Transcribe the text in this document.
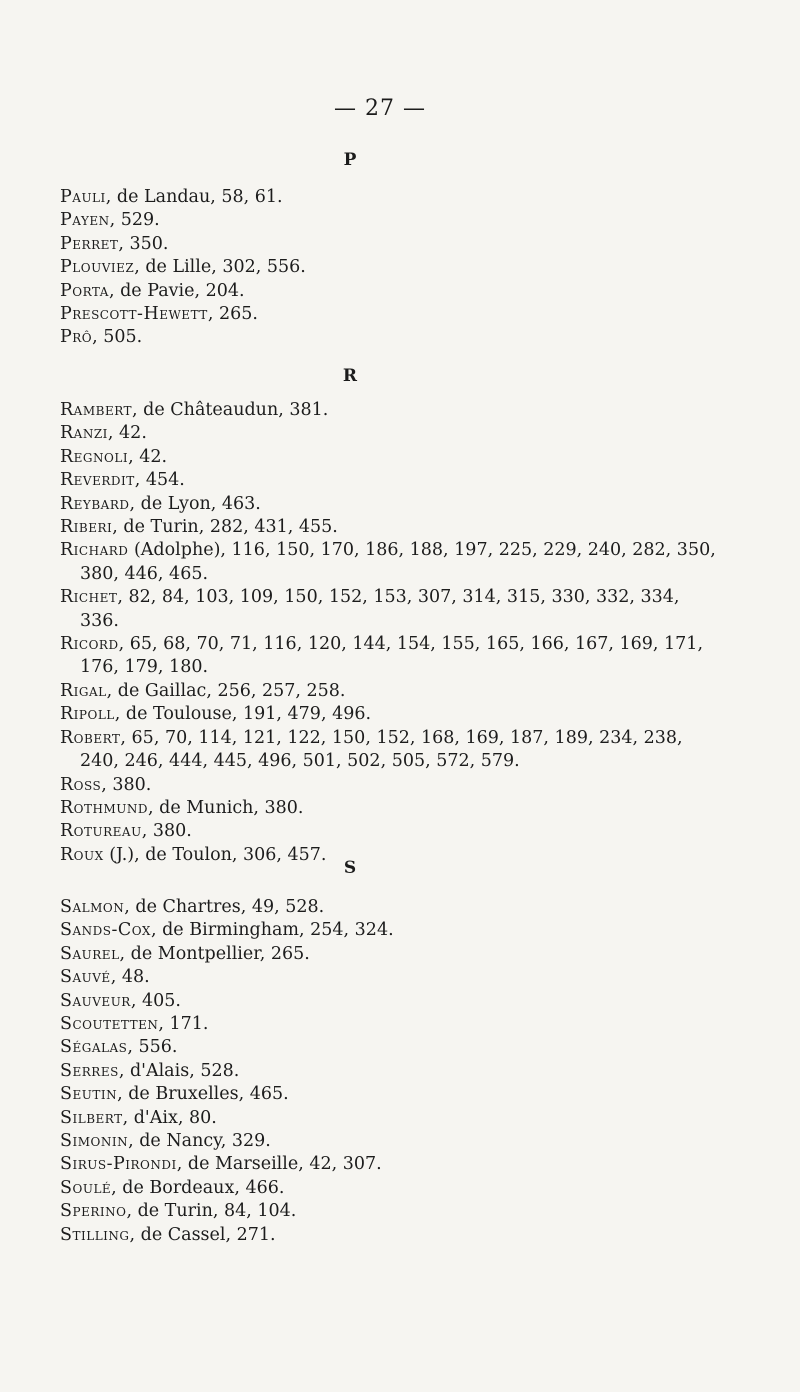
— 27 —
P
Pauli, de Landau, 58, 61.
Payen, 529.
Perret, 350.
Plouviez, de Lille, 302, 556.
Porta, de Pavie, 204.
Prescott-Hewett, 265.
Prô, 505.
R
Rambert, de Châteaudun, 381.
Ranzi, 42.
Regnoli, 42.
Reverdit, 454.
Reybard, de Lyon, 463.
Riberi, de Turin, 282, 431, 455.
Richard (Adolphe), 116, 150, 170, 186, 188, 197, 225, 229, 240, 282, 350, 380, 446, 465.
Richet, 82, 84, 103, 109, 150, 152, 153, 307, 314, 315, 330, 332, 334, 336.
Ricord, 65, 68, 70, 71, 116, 120, 144, 154, 155, 165, 166, 167, 169, 171, 176, 179, 180.
Rigal, de Gaillac, 256, 257, 258.
Ripoll, de Toulouse, 191, 479, 496.
Robert, 65, 70, 114, 121, 122, 150, 152, 168, 169, 187, 189, 234, 238, 240, 246, 444, 445, 496, 501, 502, 505, 572, 579.
Ross, 380.
Rothmund, de Munich, 380.
Rotureau, 380.
Roux (J.), de Toulon, 306, 457.
S
Salmon, de Chartres, 49, 528.
Sands-Cox, de Birmingham, 254, 324.
Saurel, de Montpellier, 265.
Sauvé, 48.
Sauveur, 405.
Scoutetten, 171.
Ségalas, 556.
Serres, d'Alais, 528.
Seutin, de Bruxelles, 465.
Silbert, d'Aix, 80.
Simonin, de Nancy, 329.
Sirus-Pirondi, de Marseille, 42, 307.
Soulé, de Bordeaux, 466.
Sperino, de Turin, 84, 104.
Stilling, de Cassel, 271.
